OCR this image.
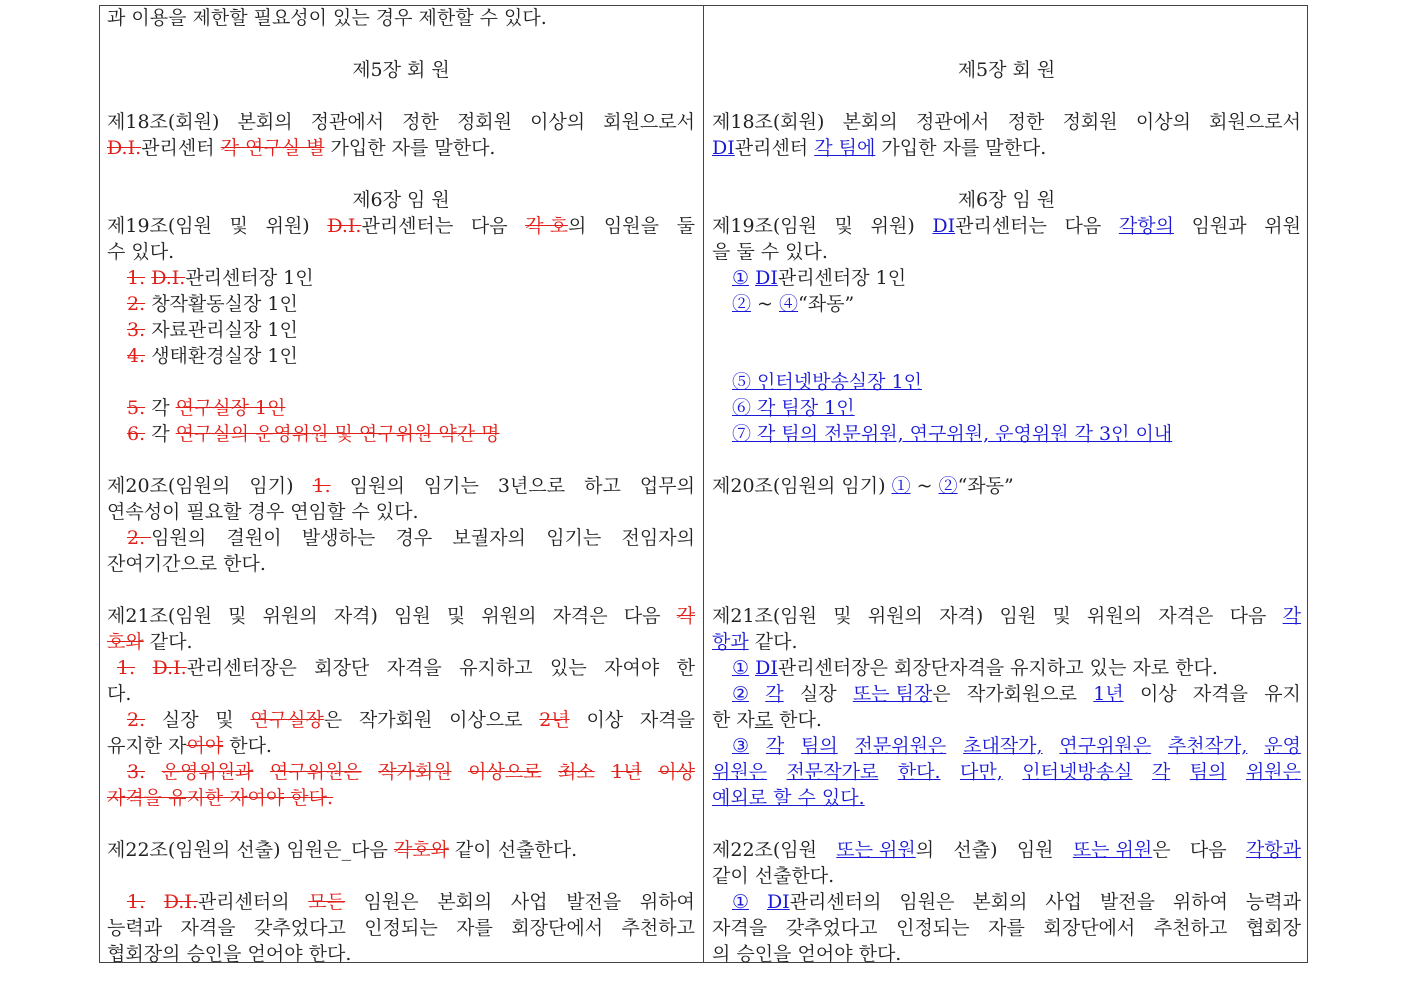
과 이용을 제한할 필요성이 있는 경우 제한할 수 있다.
제5장 회 원
제18조(회원) 본회의 정관에서 정한 정회원 이상의 회원으로서
D.I.관리센터 각 연구실 별 가입한 자를 말한다.
제6장 임 원
제19조(임원 및 위원) D.I.관리센터는 다음 각 호의 임원을 둘
수 있다.
1. D.I.관리센터장 1인
2. 창작활동실장 1인
3. 자료관리실장 1인
4. 생태환경실장 1인
5. 각 연구실장 1인
6. 각 연구실의 운영위원 및 연구위원 약간 명
제20조(임원의 임기) 1. 임원의 임기는 3년으로 하고 업무의
연속성이 필요할 경우 연임할 수 있다.
2. 임원의 결원이 발생하는 경우 보궐자의 임기는 전임자의
잔여기간으로 한다.
제21조(임원 및 위원의 자격) 임원 및 위원의 자격은 다음 각
호와 같다.
1. D.I.관리센터장은 회장단 자격을 유지하고 있는 자여야 한
다.
2. 실장 및 연구실장은 작가회원 이상으로 2년 이상 자격을
유지한 자여야 한다.
3. 운영위원과 연구위원은 작가회원 이상으로 최소 1년 이상
자격을 유지한 자여야 한다.
제22조(임원의 선출) 임원은_다음 각호와 같이 선출한다.
1. D.I.관리센터의 모든 임원은 본회의 사업 발전을 위하여
능력과 자격을 갖추었다고 인정되는 자를 회장단에서 추천하고
협회장의 승인을 얻어야 한다.
제5장 회 원
제18조(회원) 본회의 정관에서 정한 정회원 이상의 회원으로서
DI관리센터 각 팀에 가입한 자를 말한다.
제6장 임 원
제19조(임원 및 위원) DI관리센터는 다음 각항의 임원과 위원
을 둘 수 있다.
① DI관리센터장 1인
② ~ ④“좌동”
⑤ 인터넷방송실장 1인
⑥ 각 팀장 1인
⑦ 각 팀의 전문위원, 연구위원, 운영위원 각 3인 이내
제20조(임원의 임기) ① ~ ②“좌동”
제21조(임원 및 위원의 자격) 임원 및 위원의 자격은 다음 각
항과 같다.
① DI관리센터장은 회장단자격을 유지하고 있는 자로 한다.
② 각 실장 또는 팀장은 작가회원으로 1년 이상 자격을 유지
한 자로 한다.
③ 각 팀의 전문위원은 초대작가, 연구위원은 추천작가, 운영
위원은 전문작가로 한다. 다만, 인터넷방송실 각 팀의 위원은
예외로 할 수 있다.
제22조(임원 또는 위원의 선출) 임원 또는 위원은 다음 각항과
같이 선출한다.
① DI관리센터의 임원은 본회의 사업 발전을 위하여 능력과
자격을 갖추었다고 인정되는 자를 회장단에서 추천하고 협회장
의 승인을 얻어야 한다.
